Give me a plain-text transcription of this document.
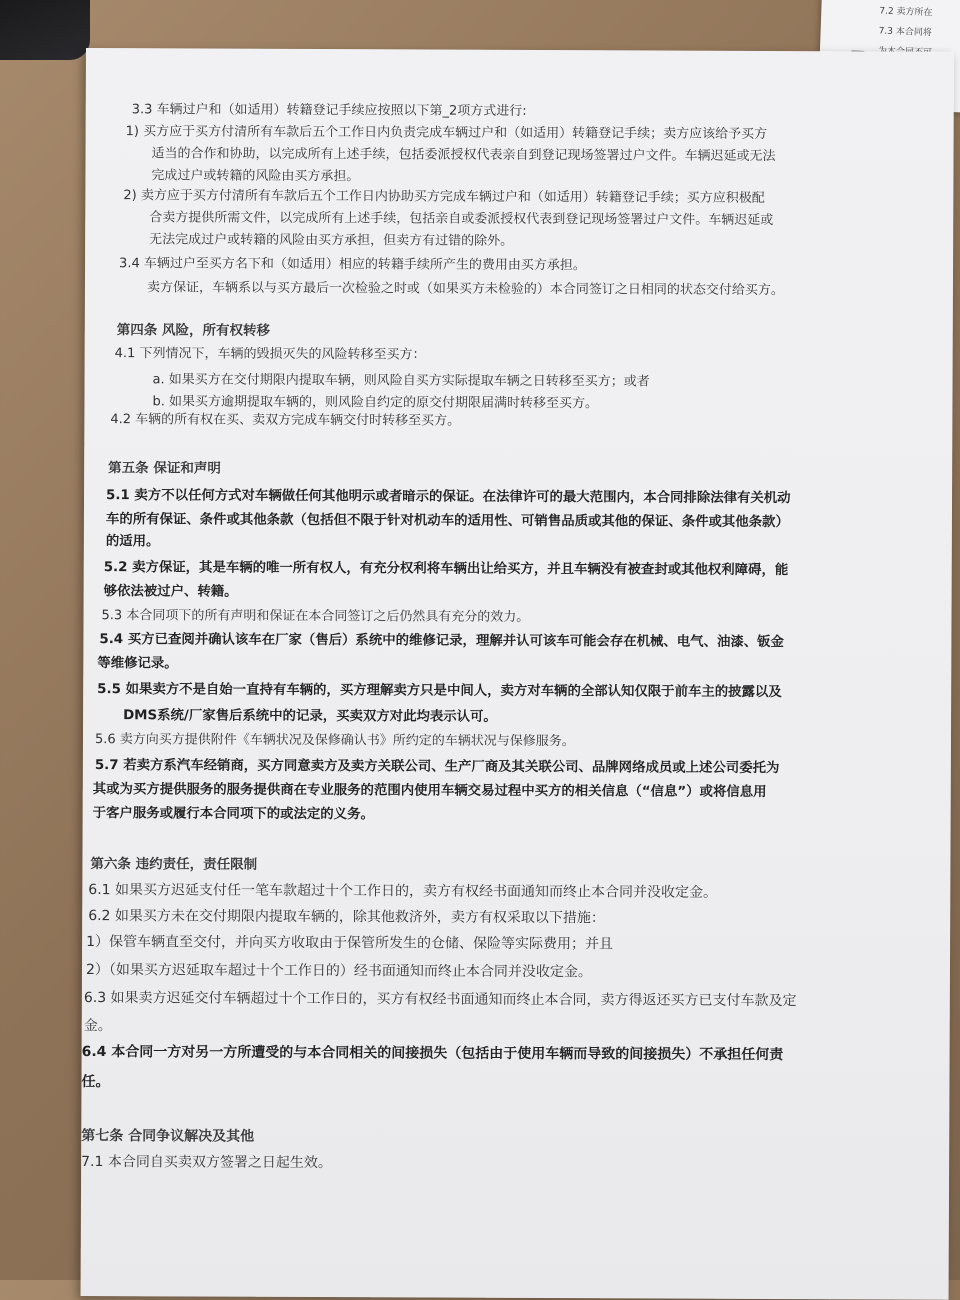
7.2 卖方所在
7.3 本合同将
3.3 车辆过户和（如适用）转籍登记手续应按照以下第_2项方式进行:
1) 买方应于买方付清所有车款后五个工作日内负责完成车辆过户和（如适用）转籍登记手续；卖方应该给予买方
适当的合作和协助，以完成所有上述手续，包括委派授权代表亲自到登记现场签署过户文件。车辆迟延或无法
完成过户或转籍的风险由买方承担。
2) 卖方应于买方付清所有车款后五个工作日内协助买方完成车辆过户和（如适用）转籍登记手续；买方应积极配
合卖方提供所需文件，以完成所有上述手续，包括亲自或委派授权代表到登记现场签署过户文件。车辆迟延或
无法完成过户或转籍的风险由买方承担，但卖方有过错的除外。
3.4 车辆过户至买方名下和（如适用）相应的转籍手续所产生的费用由买方承担。
卖方保证，车辆系以与买方最后一次检验之时或（如果买方未检验的）本合同签订之日相同的状态交付给买方。
第四条 风险，所有权转移
4.1 下列情况下，车辆的毁损灭失的风险转移至买方：
a. 如果买方在交付期限内提取车辆，则风险自买方实际提取车辆之日转移至买方；或者
b. 如果买方逾期提取车辆的，则风险自约定的原交付期限届满时转移至买方。
4.2 车辆的所有权在买、卖双方完成车辆交付时转移至买方。
第五条 保证和声明
5.1 卖方不以任何方式对车辆做任何其他明示或者暗示的保证。在法律许可的最大范围内，本合同排除法律有关机动
车的所有保证、条件或其他条款（包括但不限于针对机动车的适用性、可销售品质或其他的保证、条件或其他条款）
的适用。
5.2 卖方保证，其是车辆的唯一所有权人，有充分权利将车辆出让给买方，并且车辆没有被查封或其他权利障碍，能
够依法被过户、转籍。
5.3 本合同项下的所有声明和保证在本合同签订之后仍然具有充分的效力。
5.4 买方已查阅并确认该车在厂家（售后）系统中的维修记录，理解并认可该车可能会存在机械、电气、油漆、钣金
等维修记录。
5.5 如果卖方不是自始一直持有车辆的，买方理解卖方只是中间人，卖方对车辆的全部认知仅限于前车主的披露以及
DMS系统/厂家售后系统中的记录，买卖双方对此均表示认可。
5.6 卖方向买方提供附件《车辆状况及保修确认书》所约定的车辆状况与保修服务。
5.7 若卖方系汽车经销商，买方同意卖方及卖方关联公司、生产厂商及其关联公司、品牌网络成员或上述公司委托为
其或为买方提供服务的服务提供商在专业服务的范围内使用车辆交易过程中买方的相关信息（“信息”）或将信息用
于客户服务或履行本合同项下的或法定的义务。
第六条 违约责任，责任限制
6.1 如果买方迟延支付任一笔车款超过十个工作日的，卖方有权经书面通知而终止本合同并没收定金。
6.2 如果买方未在交付期限内提取车辆的，除其他救济外，卖方有权采取以下措施：
1）保管车辆直至交付，并向买方收取由于保管所发生的仓储、保险等实际费用；并且
2）（如果买方迟延取车超过十个工作日的）经书面通知而终止本合同并没收定金。
6.3 如果卖方迟延交付车辆超过十个工作日的，买方有权经书面通知而终止本合同，卖方得返还买方已支付车款及定
金。
6.4 本合同一方对另一方所遭受的与本合同相关的间接损失（包括由于使用车辆而导致的间接损失）不承担任何责
任。
第七条 合同争议解决及其他
7.1 本合同自买卖双方签署之日起生效。
